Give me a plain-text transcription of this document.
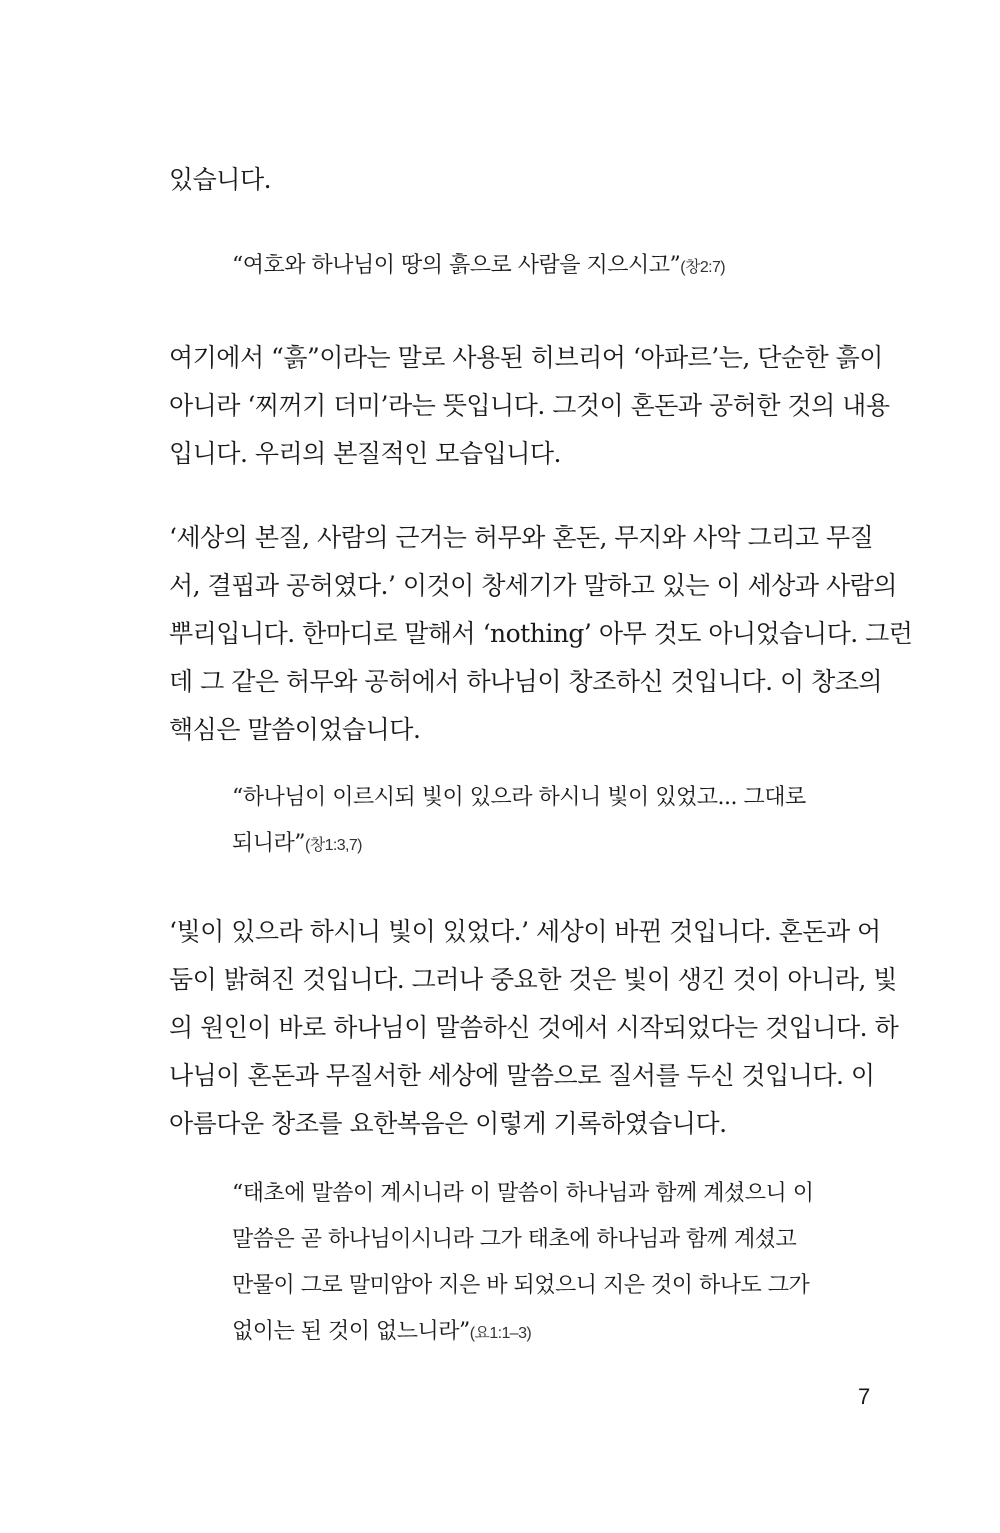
있습니다.
“여호와 하나님이 땅의 흙으로 사람을 지으시고”(창2:7)
여기에서 “흙”이라는 말로 사용된 히브리어 ‘아파르’는, 단순한 흙이
아니라 ‘찌꺼기 더미’라는 뜻입니다. 그것이 혼돈과 공허한 것의 내용
입니다. 우리의 본질적인 모습입니다.
‘세상의 본질, 사람의 근거는 허무와 혼돈, 무지와 사악 그리고 무질
서, 결핍과 공허였다.’ 이것이 창세기가 말하고 있는 이 세상과 사람의
뿌리입니다. 한마디로 말해서 ‘nothing’ 아무 것도 아니었습니다. 그런
데 그 같은 허무와 공허에서 하나님이 창조하신 것입니다. 이 창조의
핵심은 말씀이었습니다.
“하나님이 이르시되 빛이 있으라 하시니 빛이 있었고... 그대로
되니라”(창1:3,7)
‘빛이 있으라 하시니 빛이 있었다.’ 세상이 바뀐 것입니다. 혼돈과 어
둠이 밝혀진 것입니다. 그러나 중요한 것은 빛이 생긴 것이 아니라, 빛
의 원인이 바로 하나님이 말씀하신 것에서 시작되었다는 것입니다. 하
나님이 혼돈과 무질서한 세상에 말씀으로 질서를 두신 것입니다. 이
아름다운 창조를 요한복음은 이렇게 기록하였습니다.
“태초에 말씀이 계시니라 이 말씀이 하나님과 함께 계셨으니 이
말씀은 곧 하나님이시니라 그가 태초에 하나님과 함께 계셨고
만물이 그로 말미암아 지은 바 되었으니 지은 것이 하나도 그가
없이는 된 것이 없느니라”(요1:1–3)
7
